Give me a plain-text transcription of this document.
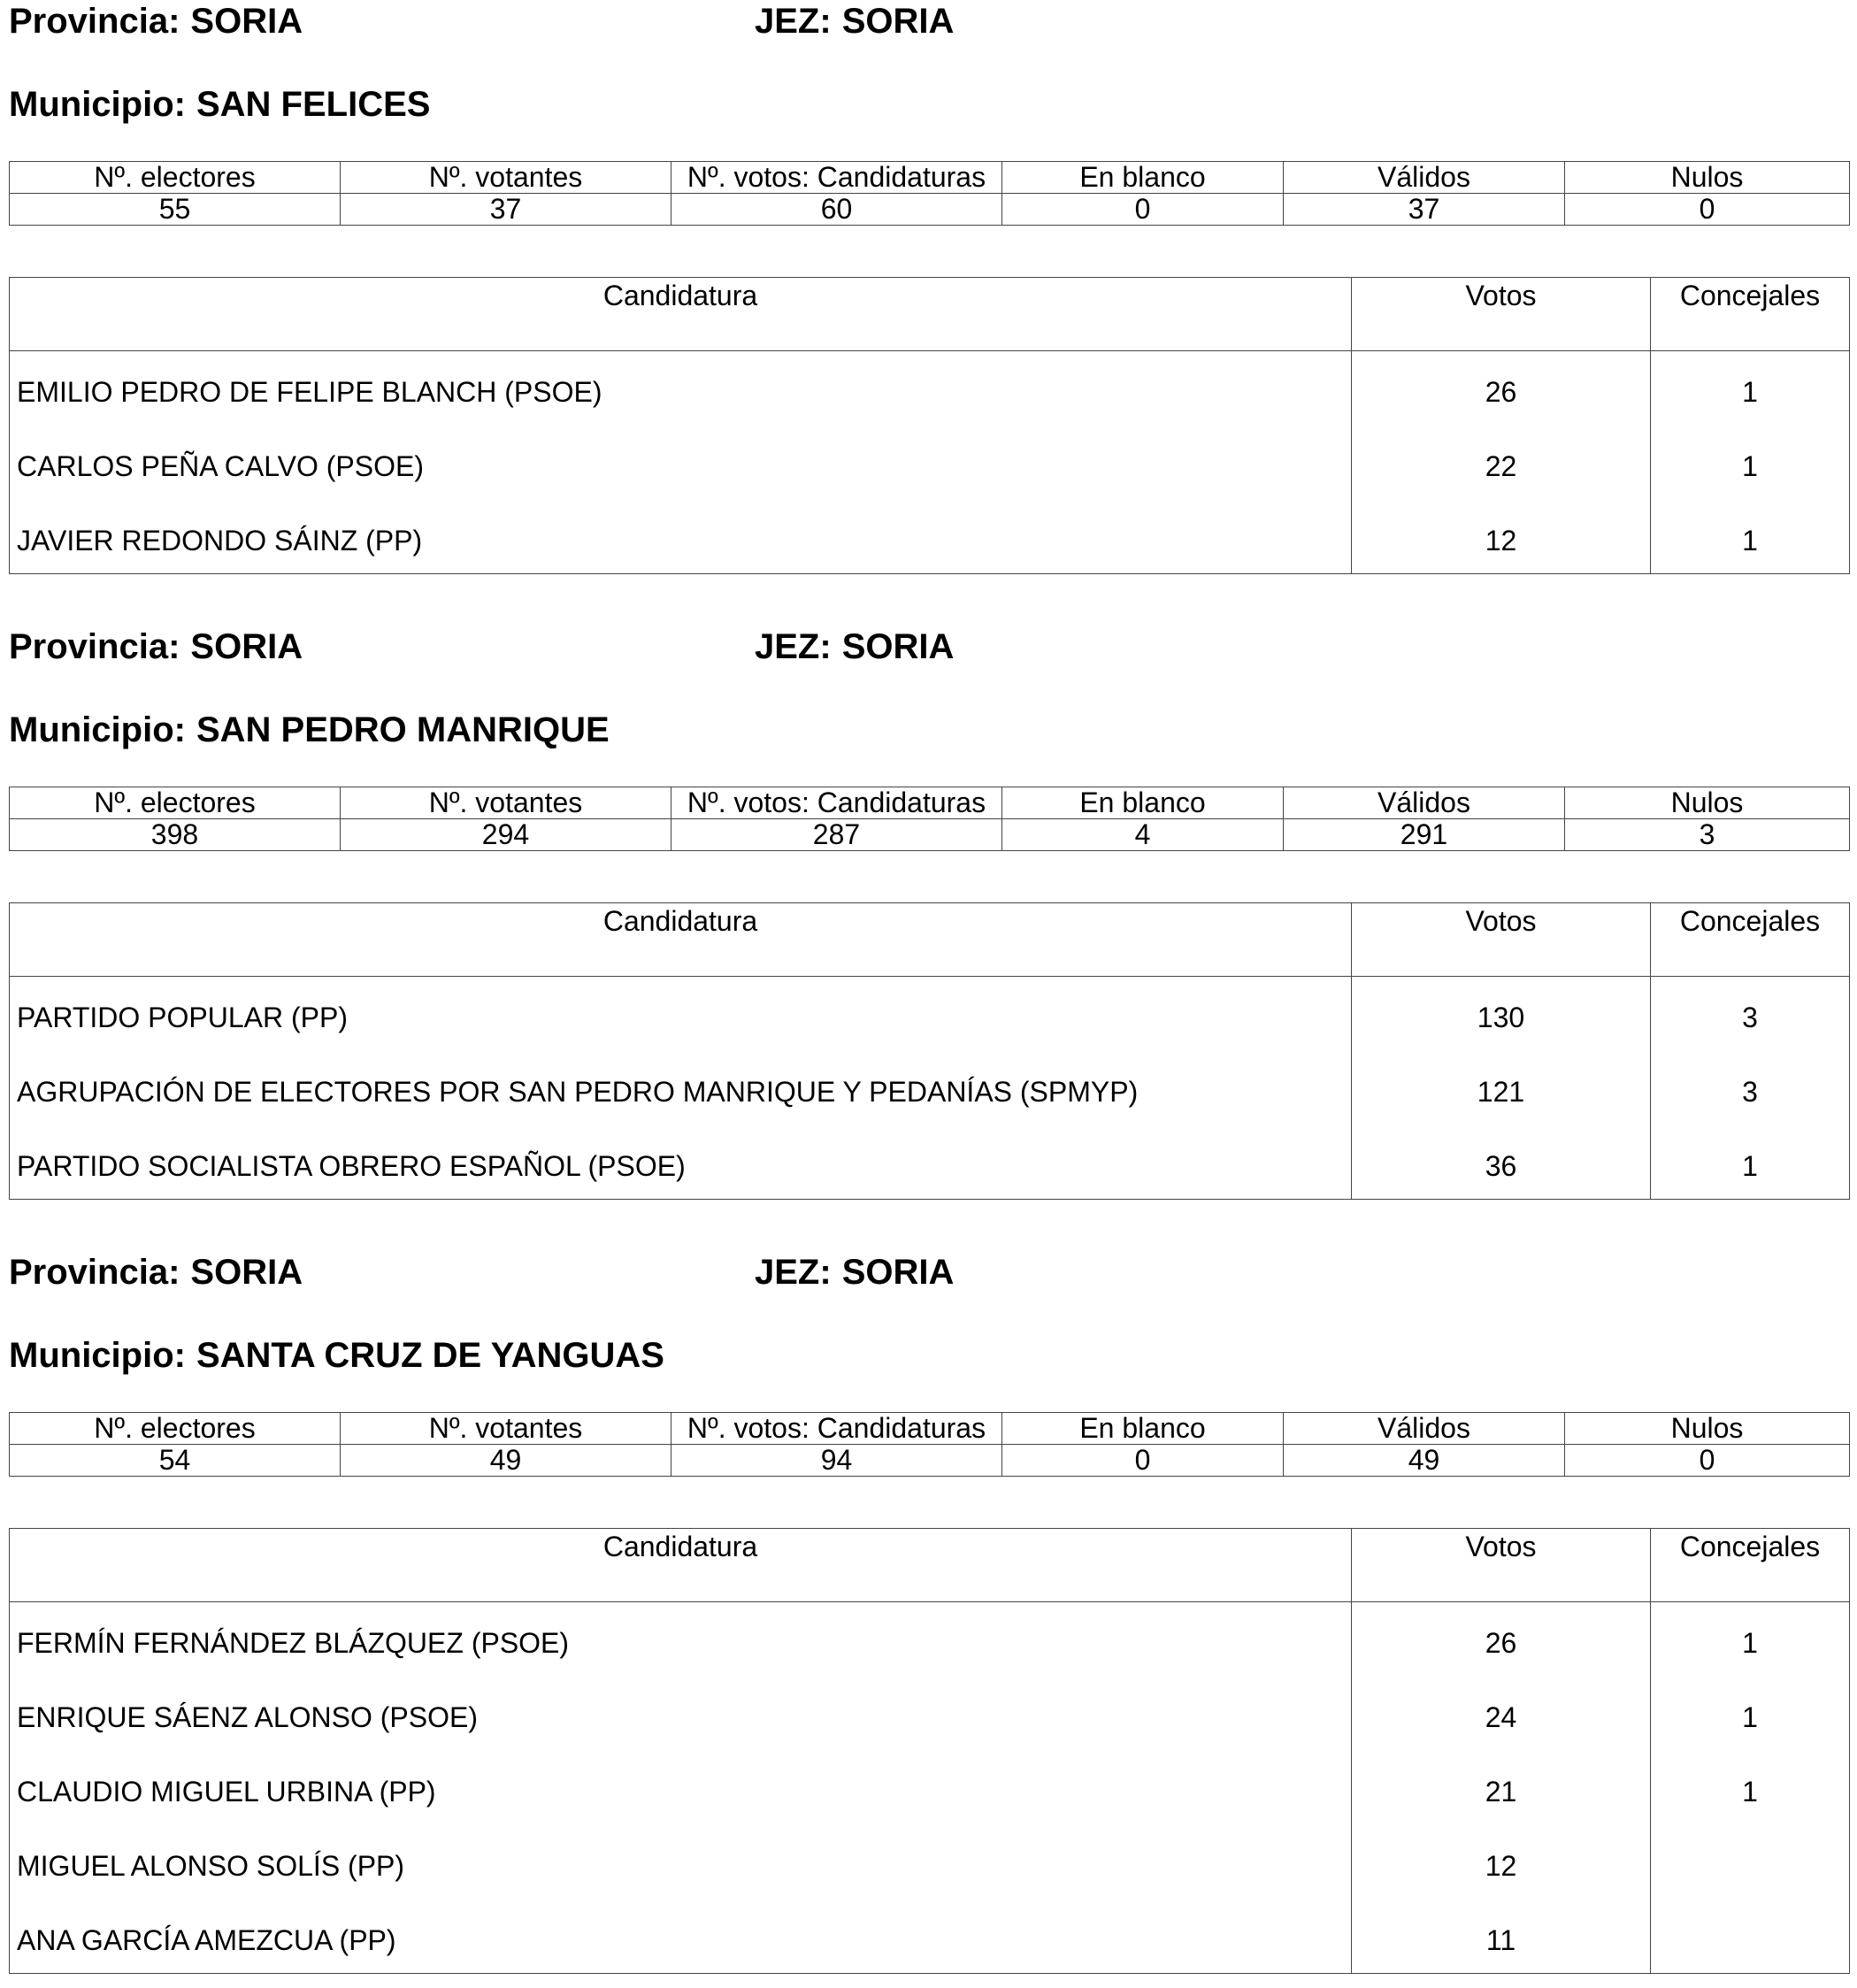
Provincia: SORIA	JEZ: SORIA
Municipio: SAN FELICES
Nº. electores	Nº. votantes	Nº. votos: Candidaturas	En blanco	Válidos	Nulos
55	37	60	0	37	0
Candidatura	Votos	Concejales
EMILIO PEDRO DE FELIPE BLANCH (PSOE)	26	1
CARLOS PEÑA CALVO (PSOE)	22	1
JAVIER REDONDO SÁINZ (PP)	12	1
Provincia: SORIA	JEZ: SORIA
Municipio: SAN PEDRO MANRIQUE
Nº. electores	Nº. votantes	Nº. votos: Candidaturas	En blanco	Válidos	Nulos
398	294	287	4	291	3
Candidatura	Votos	Concejales
PARTIDO POPULAR (PP)	130	3
AGRUPACIÓN DE ELECTORES POR SAN PEDRO MANRIQUE Y PEDANÍAS (SPMYP)	121	3
PARTIDO SOCIALISTA OBRERO ESPAÑOL (PSOE)	36	1
Provincia: SORIA	JEZ: SORIA
Municipio: SANTA CRUZ DE YANGUAS
Nº. electores	Nº. votantes	Nº. votos: Candidaturas	En blanco	Válidos	Nulos
54	49	94	0	49	0
Candidatura	Votos	Concejales
FERMÍN FERNÁNDEZ BLÁZQUEZ (PSOE)	26	1
ENRIQUE SÁENZ ALONSO (PSOE)	24	1
CLAUDIO MIGUEL URBINA (PP)	21	1
MIGUEL ALONSO SOLÍS (PP)	12	
ANA GARCÍA AMEZCUA (PP)	11	
